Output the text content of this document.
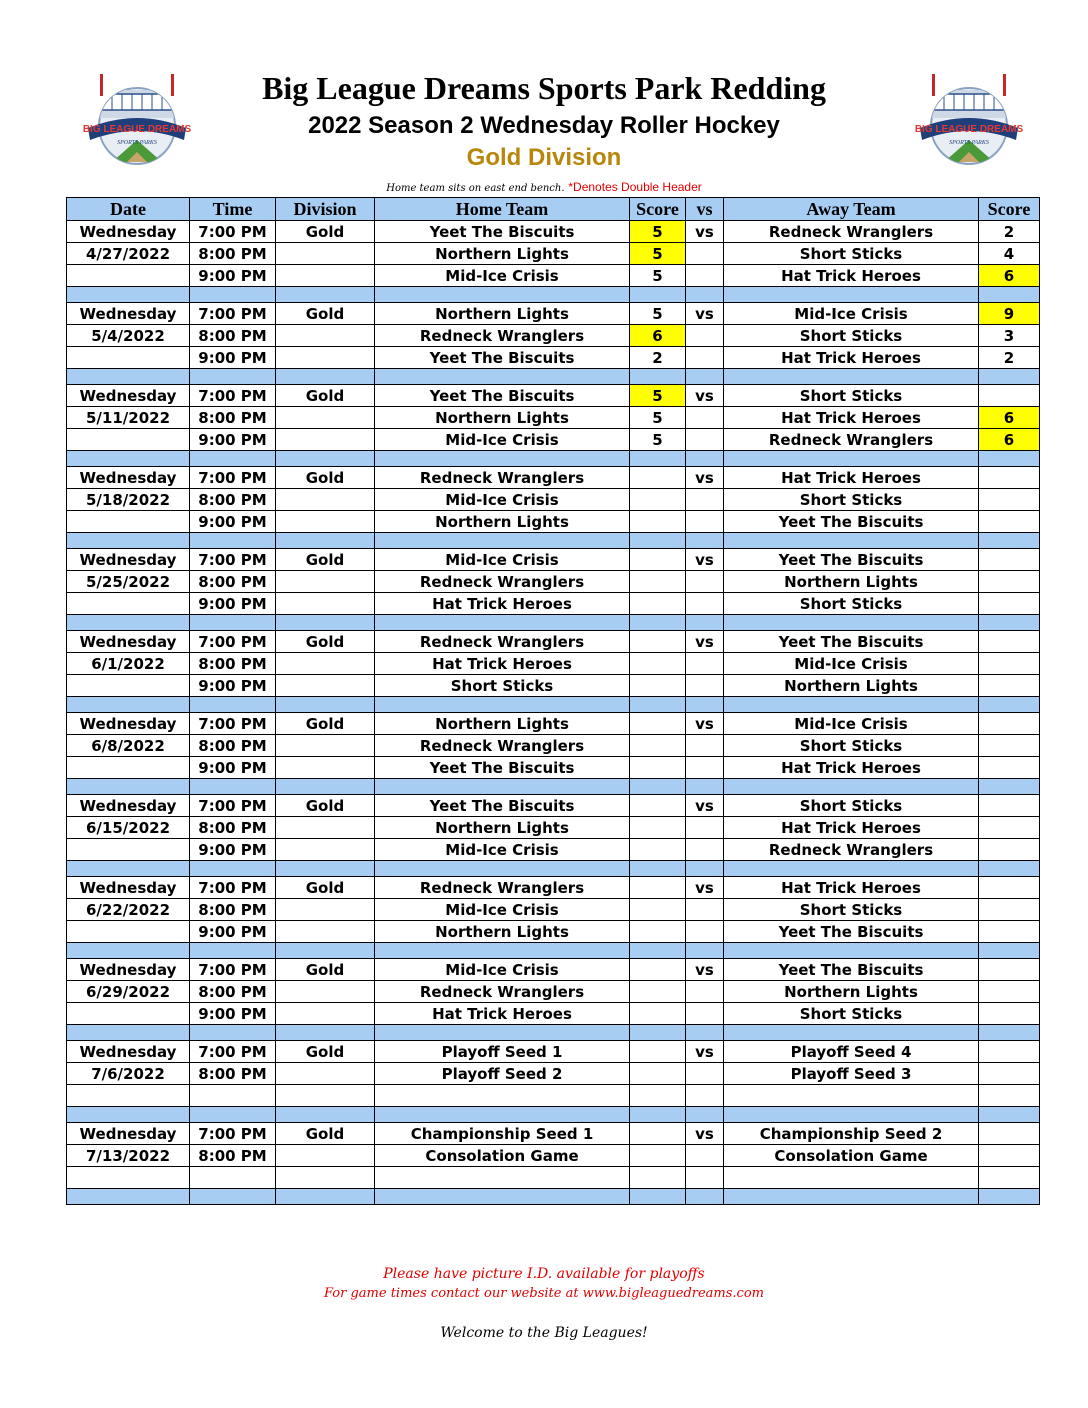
BIG LEAGUE DREAMS
SPORTS PARKS
BIG LEAGUE DREAMS
SPORTS PARKS
Big League Dreams Sports Park Redding
2022 Season 2 Wednesday Roller Hockey
Gold Division
Home team sits on east end bench. *Denotes Double Header
Date	Time	Division	Home Team	Score	vs	Away Team	Score
Wednesday	7:00 PM	Gold	Yeet The Biscuits	5	vs	Redneck Wranglers	2
4/27/2022	8:00 PM		Northern Lights	5		Short Sticks	4
	9:00 PM		Mid-Ice Crisis	5		Hat Trick Heroes	6

Wednesday	7:00 PM	Gold	Northern Lights	5	vs	Mid-Ice Crisis	9
5/4/2022	8:00 PM		Redneck Wranglers	6		Short Sticks	3
	9:00 PM		Yeet The Biscuits	2		Hat Trick Heroes	2

Wednesday	7:00 PM	Gold	Yeet The Biscuits	5	vs	Short Sticks	
5/11/2022	8:00 PM		Northern Lights	5		Hat Trick Heroes	6
	9:00 PM		Mid-Ice Crisis	5		Redneck Wranglers	6

Wednesday	7:00 PM	Gold	Redneck Wranglers		vs	Hat Trick Heroes	
5/18/2022	8:00 PM		Mid-Ice Crisis			Short Sticks	
	9:00 PM		Northern Lights			Yeet The Biscuits	

Wednesday	7:00 PM	Gold	Mid-Ice Crisis		vs	Yeet The Biscuits	
5/25/2022	8:00 PM		Redneck Wranglers			Northern Lights	
	9:00 PM		Hat Trick Heroes			Short Sticks	

Wednesday	7:00 PM	Gold	Redneck Wranglers		vs	Yeet The Biscuits	
6/1/2022	8:00 PM		Hat Trick Heroes			Mid-Ice Crisis	
	9:00 PM		Short Sticks			Northern Lights	

Wednesday	7:00 PM	Gold	Northern Lights		vs	Mid-Ice Crisis	
6/8/2022	8:00 PM		Redneck Wranglers			Short Sticks	
	9:00 PM		Yeet The Biscuits			Hat Trick Heroes	

Wednesday	7:00 PM	Gold	Yeet The Biscuits		vs	Short Sticks	
6/15/2022	8:00 PM		Northern Lights			Hat Trick Heroes	
	9:00 PM		Mid-Ice Crisis			Redneck Wranglers	

Wednesday	7:00 PM	Gold	Redneck Wranglers		vs	Hat Trick Heroes	
6/22/2022	8:00 PM		Mid-Ice Crisis			Short Sticks	
	9:00 PM		Northern Lights			Yeet The Biscuits	

Wednesday	7:00 PM	Gold	Mid-Ice Crisis		vs	Yeet The Biscuits	
6/29/2022	8:00 PM		Redneck Wranglers			Northern Lights	
	9:00 PM		Hat Trick Heroes			Short Sticks	

Wednesday	7:00 PM	Gold	Playoff Seed 1		vs	Playoff Seed 4	
7/6/2022	8:00 PM		Playoff Seed 2			Playoff Seed 3	

Wednesday	7:00 PM	Gold	Championship Seed 1		vs	Championship Seed 2	
7/13/2022	8:00 PM		Consolation Game			Consolation Game	

Please have picture I.D. available for playoffs
For game times contact our website at www.bigleaguedreams.com
Welcome to the Big Leagues!
